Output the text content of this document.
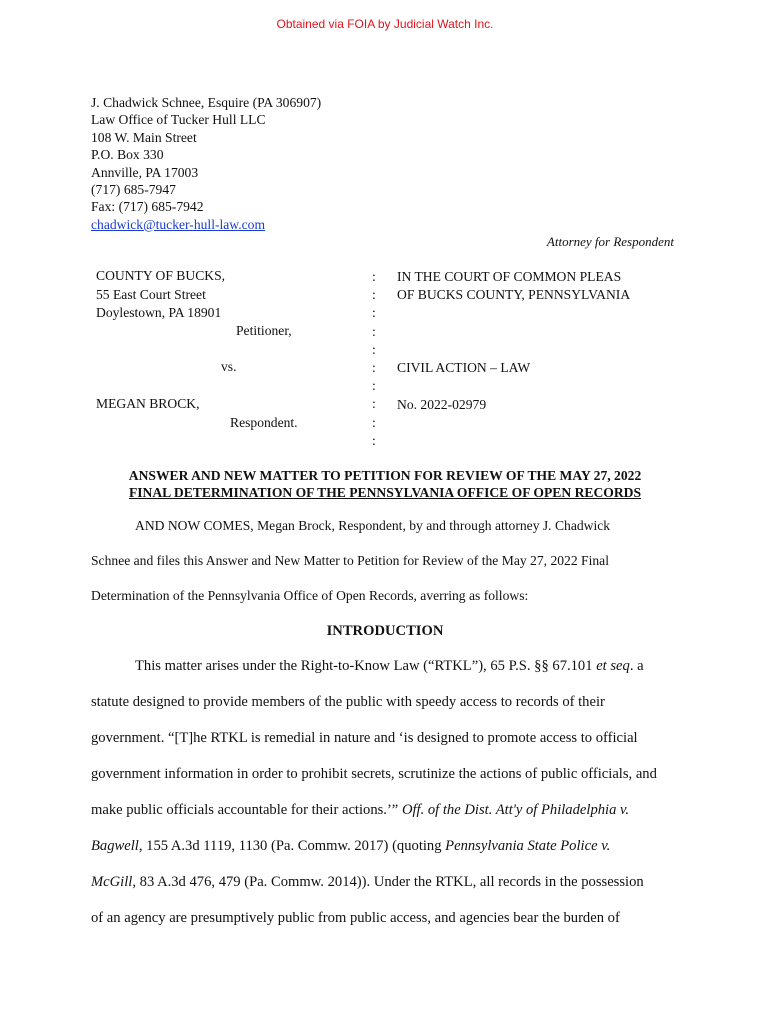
Obtained via FOIA by Judicial Watch Inc.
J. Chadwick Schnee, Esquire (PA 306907)
Law Office of Tucker Hull LLC
108 W. Main Street
P.O. Box 330
Annville, PA 17003
(717) 685-7947
Fax: (717) 685-7942
chadwick@tucker-hull-law.com
Attorney for Respondent
COUNTY OF BUCKS,
55 East Court Street
Doylestown, PA 18901
Petitioner,
vs.
MEGAN BROCK,
Respondent.
:
:
:
:
:
:
:
:
:
:
IN THE COURT OF COMMON PLEAS
OF BUCKS COUNTY, PENNSYLVANIA
CIVIL ACTION – LAW
No. 2022-02979
ANSWER AND NEW MATTER TO PETITION FOR REVIEW OF THE MAY 27, 2022
FINAL DETERMINATION OF THE PENNSYLVANIA OFFICE OF OPEN RECORDS
AND NOW COMES, Megan Brock, Respondent, by and through attorney J. Chadwick
Schnee and files this Answer and New Matter to Petition for Review of the May 27, 2022 Final
Determination of the Pennsylvania Office of Open Records, averring as follows:
INTRODUCTION
This matter arises under the Right-to-Know Law (“RTKL”), 65 P.S. §§ 67.101 et seq. a
statute designed to provide members of the public with speedy access to records of their
government. “[T]he RTKL is remedial in nature and ‘is designed to promote access to official
government information in order to prohibit secrets, scrutinize the actions of public officials, and
make public officials accountable for their actions.’” Off. of the Dist. Att'y of Philadelphia v.
Bagwell, 155 A.3d 1119, 1130 (Pa. Commw. 2017) (quoting Pennsylvania State Police v.
McGill, 83 A.3d 476, 479 (Pa. Commw. 2014)). Under the RTKL, all records in the possession
of an agency are presumptively public from public access, and agencies bear the burden of
